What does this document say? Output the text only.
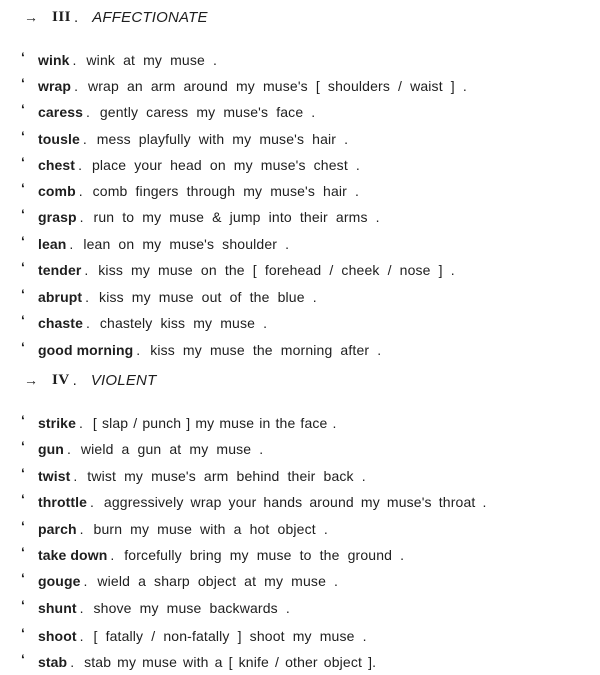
→ III . AFFECTIONATE
‘ wink . wink at my muse .
‘ wrap . wrap an arm around my muse's [ shoulders / waist ] .
‘ caress . gently caress my muse's face .
‘ tousle . mess playfully with my muse's hair .
‘ chest . place your head on my muse's chest .
‘ comb . comb fingers through my muse's hair .
‘ grasp . run to my muse & jump into their arms .
‘ lean . lean on my muse's shoulder .
‘ tender . kiss my muse on the [ forehead / cheek / nose ] .
‘ abrupt . kiss my muse out of the blue .
‘ chaste . chastely kiss my muse .
‘ good morning . kiss my muse the morning after .
→ IV . VIOLENT
‘ strike . [ slap / punch ] my muse in the face .
‘ gun . wield a gun at my muse .
‘ twist . twist my muse's arm behind their back .
‘ throttle . aggressively wrap your hands around my muse's throat .
‘ parch . burn my muse with a hot object .
‘ take down . forcefully bring my muse to the ground .
‘ gouge . wield a sharp object at my muse .
‘ shunt . shove my muse backwards .
‘ shoot . [ fatally / non-fatally ] shoot my muse .
‘ stab . stab my muse with a [ knife / other object ].
